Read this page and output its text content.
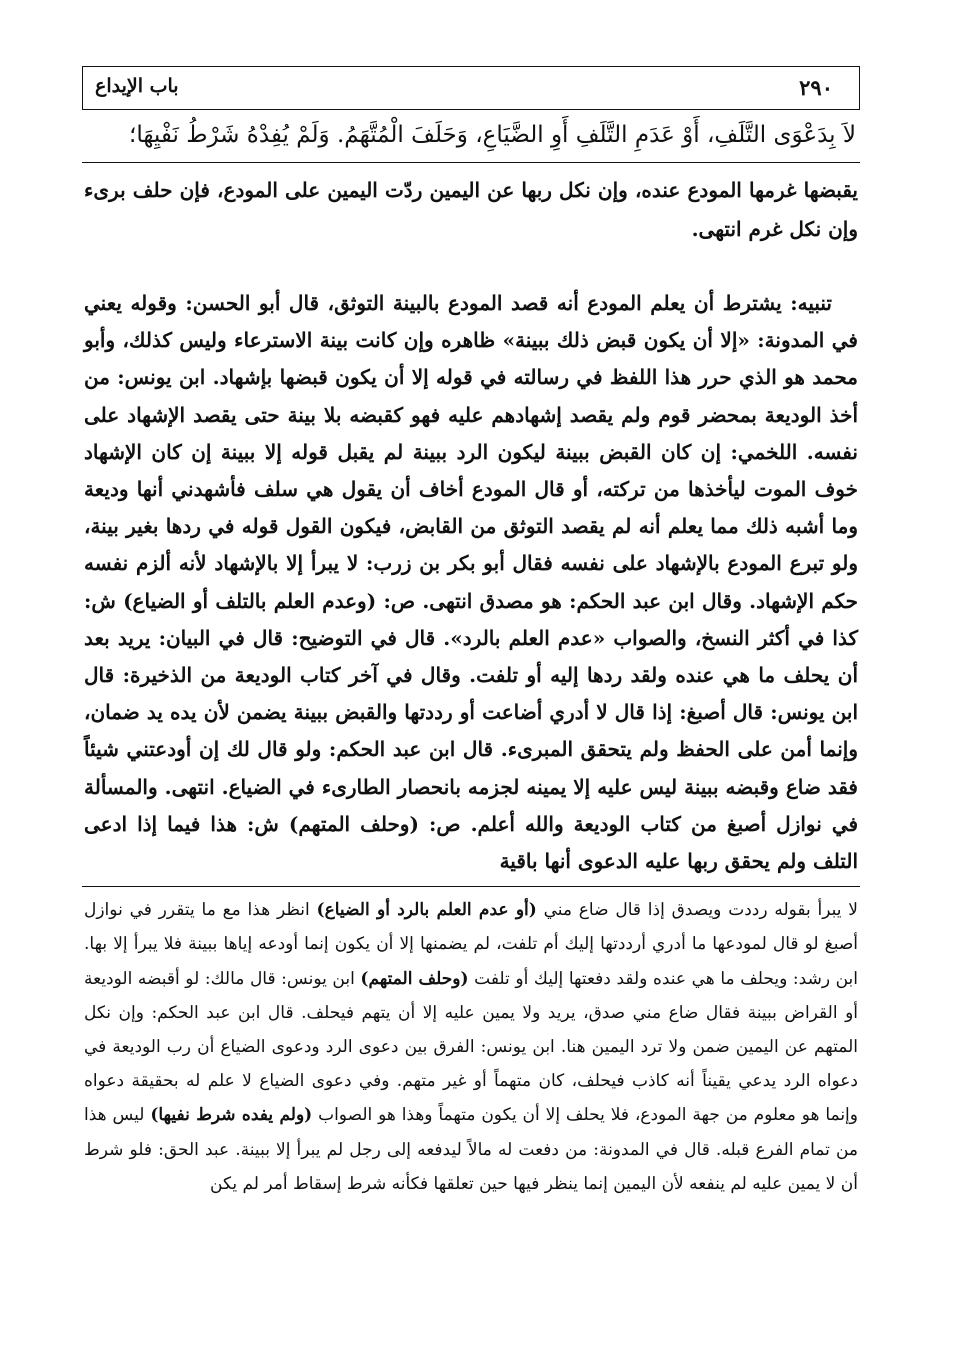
٢٩٠
باب الإيداع
لاَ بِدَعْوَى التَّلَفِ، أَوْ عَدَمِ التَّلَفِ أَوِ الضَّيَاعِ، وَحَلَفَ الْمُتَّهَمُ. وَلَمْ يُفِدْهُ شَرْطُ نَفْيِهَا؛
يقبضها غرمها المودع عنده، وإن نكل ربها عن اليمين ردّت اليمين على المودع، فإن حلف برىء وإن نكل غرم انتهى.
تنبيه: يشترط أن يعلم المودع أنه قصد المودع بالبينة التوثق، قال أبو الحسن: وقوله يعني في المدونة: «إلا أن يكون قبض ذلك ببينة» ظاهره وإن كانت بينة الاسترعاء وليس كذلك، وأبو محمد هو الذي حرر هذا اللفظ في رسالته في قوله إلا أن يكون قبضها بإشهاد. ابن يونس: من أخذ الوديعة بمحضر قوم ولم يقصد إشهادهم عليه فهو كقبضه بلا بينة حتى يقصد الإشهاد على نفسه. اللخمي: إن كان القبض ببينة ليكون الرد ببينة لم يقبل قوله إلا ببينة إن كان الإشهاد خوف الموت ليأخذها من تركته، أو قال المودع أخاف أن يقول هي سلف فأشهدني أنها وديعة وما أشبه ذلك مما يعلم أنه لم يقصد التوثق من القابض، فيكون القول قوله في ردها بغير بينة، ولو تبرع المودع بالإشهاد على نفسه فقال أبو بكر بن زرب: لا يبرأ إلا بالإشهاد لأنه ألزم نفسه حكم الإشهاد. وقال ابن عبد الحكم: هو مصدق انتهى. ص: (وعدم العلم بالتلف أو الضياع) ش: كذا في أكثر النسخ، والصواب «عدم العلم بالرد». قال في التوضيح: قال في البيان: يريد بعد أن يحلف ما هي عنده ولقد ردها إليه أو تلفت. وقال في آخر كتاب الوديعة من الذخيرة: قال ابن يونس: قال أصبغ: إذا قال لا أدري أضاعت أو رددتها والقبض ببينة يضمن لأن يده يد ضمان، وإنما أمن على الحفظ ولم يتحقق المبرىء. قال ابن عبد الحكم: ولو قال لك إن أودعتني شيئاً فقد ضاع وقبضه ببينة ليس عليه إلا يمينه لجزمه بانحصار الطارىء في الضياع. انتهى. والمسألة في نوازل أصبغ من كتاب الوديعة والله أعلم. ص: (وحلف المتهم) ش: هذا فيما إذا ادعى التلف ولم يحقق ربها عليه الدعوى أنها باقية
لا يبرأ بقوله رددت ويصدق إذا قال ضاع مني (أو عدم العلم بالرد أو الضياع) انظر هذا مع ما يتقرر في نوازل أصبغ لو قال لمودعها ما أدري أرددتها إليك أم تلفت، لم يضمنها إلا أن يكون إنما أودعه إياها ببينة فلا يبرأ إلا بها. ابن رشد: ويحلف ما هي عنده ولقد دفعتها إليك أو تلفت (وحلف المتهم) ابن يونس: قال مالك: لو أقبضه الوديعة أو القراض ببينة فقال ضاع مني صدق، يريد ولا يمين عليه إلا أن يتهم فيحلف. قال ابن عبد الحكم: وإن نكل المتهم عن اليمين ضمن ولا ترد اليمين هنا. ابن يونس: الفرق بين دعوى الرد ودعوى الضياع أن رب الوديعة في دعواه الرد يدعي يقيناً أنه كاذب فيحلف، كان متهماً أو غير متهم. وفي دعوى الضياع لا علم له بحقيقة دعواه وإنما هو معلوم من جهة المودع، فلا يحلف إلا أن يكون متهماً وهذا هو الصواب (ولم يفده شرط نفيها) ليس هذا من تمام الفرع قبله. قال في المدونة: من دفعت له مالاً ليدفعه إلى رجل لم يبرأ إلا ببينة. عبد الحق: فلو شرط أن لا يمين عليه لم ينفعه لأن اليمين إنما ينظر فيها حين تعلقها فكأنه شرط إسقاط أمر لم يكن
